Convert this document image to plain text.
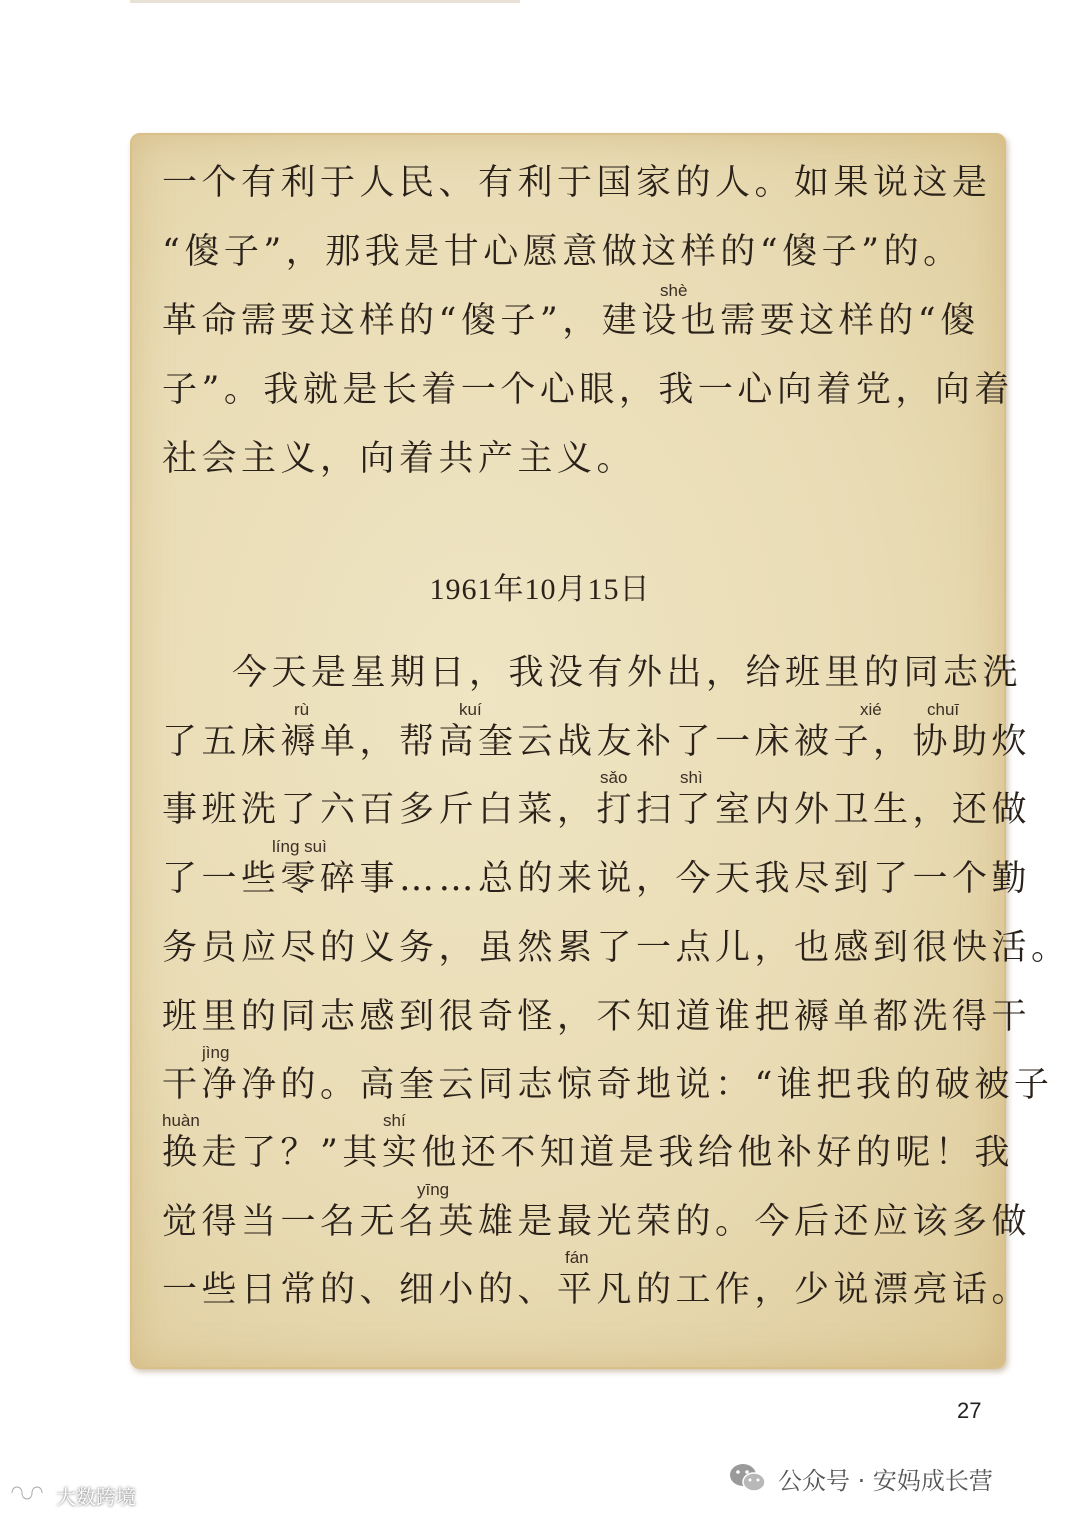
一个有利于人民、有利于国家的人。如果说这是
“傻子”，那我是甘心愿意做这样的“傻子”的。
shè
革命需要这样的“傻子”，建设也需要这样的“傻
子”。我就是长着一个心眼，我一心向着党，向着
社会主义，向着共产主义。
1961年10月15日
今天是星期日，我没有外出，给班里的同志洗
rù	kuí	xié	chuī
了五床褥单，帮高奎云战友补了一床被子，协助炊
sǎo	shì
事班洗了六百多斤白菜，打扫了室内外卫生，还做
líng suì
了一些零碎事……总的来说，今天我尽到了一个勤
务员应尽的义务，虽然累了一点儿，也感到很快活。
班里的同志感到很奇怪，不知道谁把褥单都洗得干
jìng
干净净的。高奎云同志惊奇地说：“谁把我的破被子
huàn	shí
换走了？”其实他还不知道是我给他补好的呢！我
yīng
觉得当一名无名英雄是最光荣的。今后还应该多做
fán
一些日常的、细小的、平凡的工作，少说漂亮话。
27
公众号 · 安妈成长营
大数跨境
